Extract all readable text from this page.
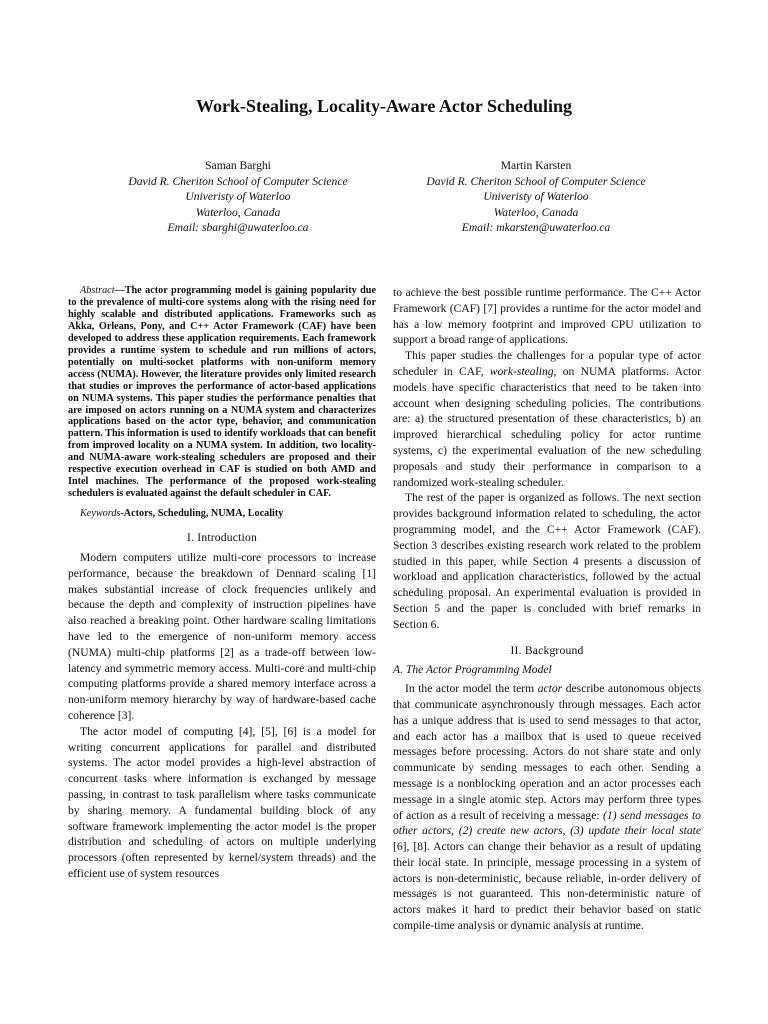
Work-Stealing, Locality-Aware Actor Scheduling
Saman Barghi
David R. Cheriton School of Computer Science
Univeristy of Waterloo
Waterloo, Canada
Email: sbarghi@uwaterloo.ca
Martin Karsten
David R. Cheriton School of Computer Science
Univeristy of Waterloo
Waterloo, Canada
Email: mkarsten@uwaterloo.ca

Abstract—The actor programming model is gaining popularity due to the prevalence of multi-core systems along with the rising need for highly scalable and distributed applications. Frameworks such as Akka, Orleans, Pony, and C++ Actor Framework (CAF) have been developed to address these application requirements. Each framework provides a runtime system to schedule and run millions of actors, potentially on multi-socket platforms with non-uniform memory access (NUMA). However, the literature provides only limited research that studies or improves the performance of actor-based applications on NUMA systems. This paper studies the performance penalties that are imposed on actors running on a NUMA system and characterizes applications based on the actor type, behavior, and communication pattern. This information is used to identify workloads that can benefit from improved locality on a NUMA system. In addition, two locality- and NUMA-aware work-stealing schedulers are proposed and their respective execution overhead in CAF is studied on both AMD and Intel machines. The performance of the proposed work-stealing schedulers is evaluated against the default scheduler in CAF.

Keywords-Actors, Scheduling, NUMA, Locality

I. Introduction

Modern computers utilize multi-core processors to increase performance, because the breakdown of Dennard scaling [1] makes substantial increase of clock frequencies unlikely and because the depth and complexity of instruction pipelines have also reached a breaking point. Other hardware scaling limitations have led to the emergence of non-uniform memory access (NUMA) multi-chip platforms [2] as a trade-off between low-latency and symmetric memory access. Multi-core and multi-chip computing platforms provide a shared memory interface across a non-uniform memory hierarchy by way of hardware-based cache coherence [3].

The actor model of computing [4], [5], [6] is a model for writing concurrent applications for parallel and distributed systems. The actor model provides a high-level abstraction of concurrent tasks where information is exchanged by message passing, in contrast to task parallelism where tasks communicate by sharing memory. A fundamental building block of any software framework implementing the actor model is the proper distribution and scheduling of actors on multiple underlying processors (often represented by kernel/system threads) and the efficient use of system resources

to achieve the best possible runtime performance. The C++ Actor Framework (CAF) [7] provides a runtime for the actor model and has a low memory footprint and improved CPU utilization to support a broad range of applications.

This paper studies the challenges for a popular type of actor scheduler in CAF, work-stealing, on NUMA platforms. Actor models have specific characteristics that need to be taken into account when designing scheduling policies. The contributions are: a) the structured presentation of these characteristics, b) an improved hierarchical scheduling policy for actor runtime systems, c) the experimental evaluation of the new scheduling proposals and study their performance in comparison to a randomized work-stealing scheduler.

The rest of the paper is organized as follows. The next section provides background information related to scheduling, the actor programming model, and the C++ Actor Framework (CAF). Section 3 describes existing research work related to the problem studied in this paper, while Section 4 presents a discussion of workload and application characteristics, followed by the actual scheduling proposal. An experimental evaluation is provided in Section 5 and the paper is concluded with brief remarks in Section 6.

II. Background
A. The Actor Programming Model

In the actor model the term actor describe autonomous objects that communicate asynchronously through messages. Each actor has a unique address that is used to send messages to that actor, and each actor has a mailbox that is used to queue received messages before processing. Actors do not share state and only communicate by sending messages to each other. Sending a message is a nonblocking operation and an actor processes each message in a single atomic step. Actors may perform three types of action as a result of receiving a message: (1) send messages to other actors, (2) create new actors, (3) update their local state [6], [8]. Actors can change their behavior as a result of updating their local state. In principle, message processing in a system of actors is non-deterministic, because reliable, in-order delivery of messages is not guaranteed. This non-deterministic nature of actors makes it hard to predict their behavior based on static compile-time analysis or dynamic analysis at runtime.
